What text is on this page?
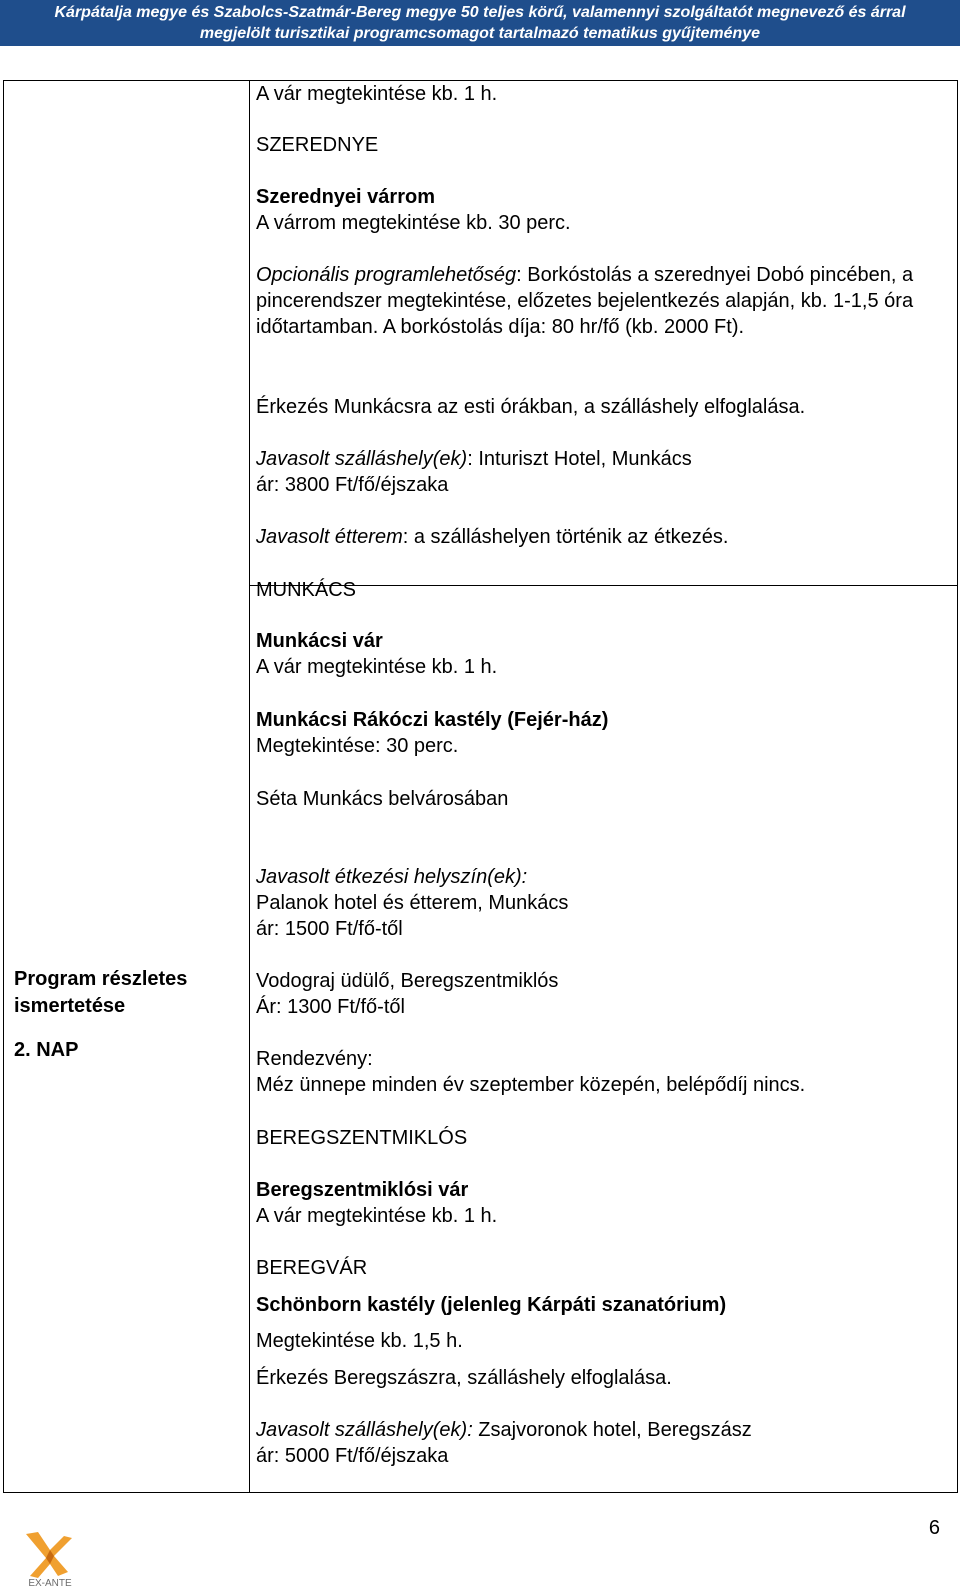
Kárpátalja megye és Szabolcs-Szatmár-Bereg megye 50 teljes körű, valamennyi szolgáltatót megnevező és árral
megjelölt turisztikai programcsomagot tartalmazó tematikus gyűjteménye
Program részletes ismertetése
2. NAP
A vár megtekintése kb. 1 h.
SZEREDNYE
Szerednyei várrom
A várrom megtekintése kb. 30 perc.
Opcionális programlehetőség: Borkóstolás a szerednyei Dobó pincében, a pincerendszer megtekintése, előzetes bejelentkezés alapján, kb. 1-1,5 óra időtartamban. A borkóstolás díja: 80 hr/fő (kb. 2000 Ft).
Érkezés Munkácsra az esti órákban, a szálláshely elfoglalása.
Javasolt szálláshely(ek): Inturiszt Hotel, Munkács
ár: 3800 Ft/fő/éjszaka
Javasolt étterem: a szálláshelyen történik az étkezés.
MUNKÁCS
Munkácsi vár
A vár megtekintése kb. 1 h.
Munkácsi Rákóczi kastély (Fejér-ház)
Megtekintése: 30 perc.
Séta Munkács belvárosában
Javasolt étkezési helyszín(ek):
Palanok hotel és étterem, Munkács
ár: 1500 Ft/fő-től
Vodograj üdülő, Beregszentmiklós
Ár: 1300 Ft/fő-től
Rendezvény:
Méz ünnepe minden év szeptember közepén, belépődíj nincs.
BEREGSZENTMIKLÓS
Beregszentmiklósi vár
A vár megtekintése kb. 1 h.
BEREGVÁR
Schönborn kastély (jelenleg Kárpáti szanatórium)
Megtekintése kb. 1,5 h.
Érkezés Beregszászra, szálláshely elfoglalása.
Javasolt szálláshely(ek): Zsajvoronok hotel, Beregszász
ár: 5000 Ft/fő/éjszaka
6
EX-ANTE
